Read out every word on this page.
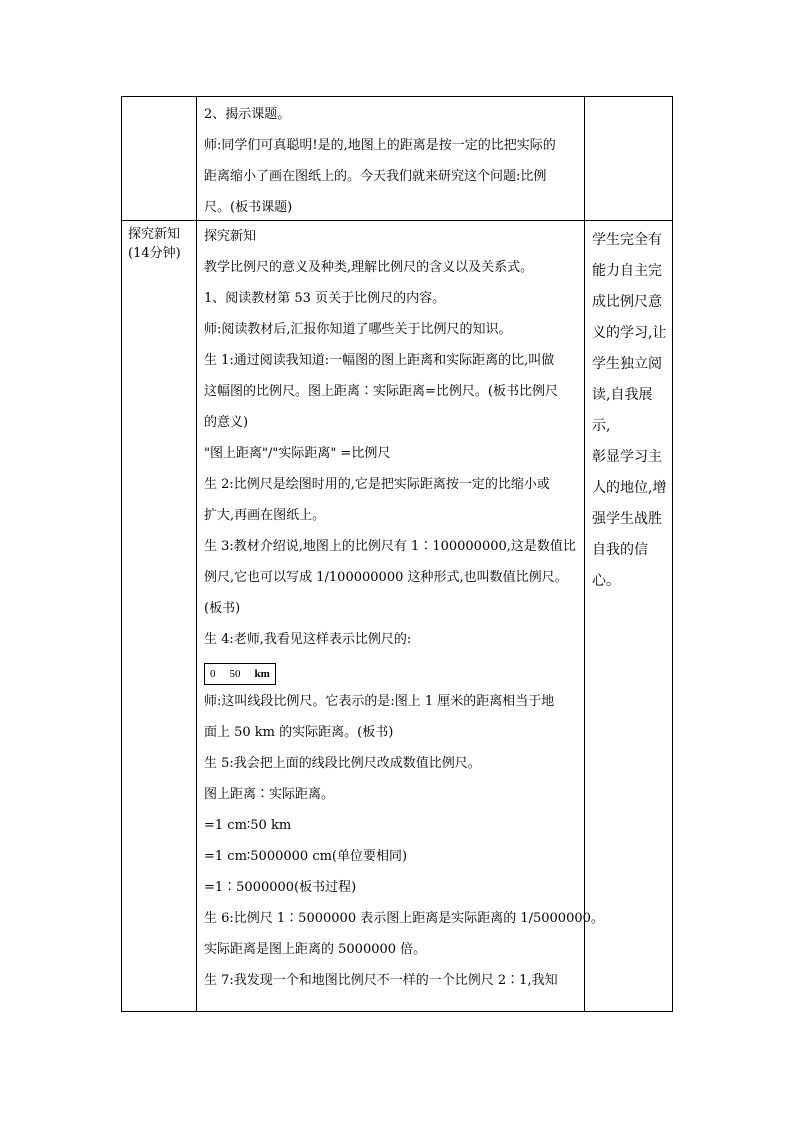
2、揭示课题。
师:同学们可真聪明!是的,地图上的距离是按一定的比把实际的
距离缩小了画在图纸上的。今天我们就来研究这个问题:比例
尺。(板书课题)
探究新知
(14分钟)
探究新知
教学比例尺的意义及种类,理解比例尺的含义以及关系式。
1、阅读教材第 53 页关于比例尺的内容。
师:阅读教材后,汇报你知道了哪些关于比例尺的知识。
生 1:通过阅读我知道:一幅图的图上距离和实际距离的比,叫做
这幅图的比例尺。图上距离∶实际距离=比例尺。(板书比例尺
的意义)
"图上距离"/"实际距离" =比例尺
生 2:比例尺是绘图时用的,它是把实际距离按一定的比缩小或
扩大,再画在图纸上。
生 3:教材介绍说,地图上的比例尺有 1∶100000000,这是数值比
例尺,它也可以写成 1/100000000 这种形式,也叫数值比例尺。
(板书)
生 4:老师,我看见这样表示比例尺的:
0 50 km
师:这叫线段比例尺。它表示的是:图上 1 厘米的距离相当于地
面上 50 km 的实际距离。(板书)
生 5:我会把上面的线段比例尺改成数值比例尺。
图上距离∶实际距离。
=1 cm∶50 km
=1 cm∶5000000 cm(单位要相同)
=1∶5000000(板书过程)
生 6:比例尺 1∶5000000 表示图上距离是实际距离的 1/5000000。
实际距离是图上距离的 5000000 倍。
生 7:我发现一个和地图比例尺不一样的一个比例尺 2∶1,我知
学生完全有
能力自主完
成比例尺意
义的学习,让
学生独立阅
读,自我展示,
彰显学习主
人的地位,增
强学生战胜
自我的信心。
